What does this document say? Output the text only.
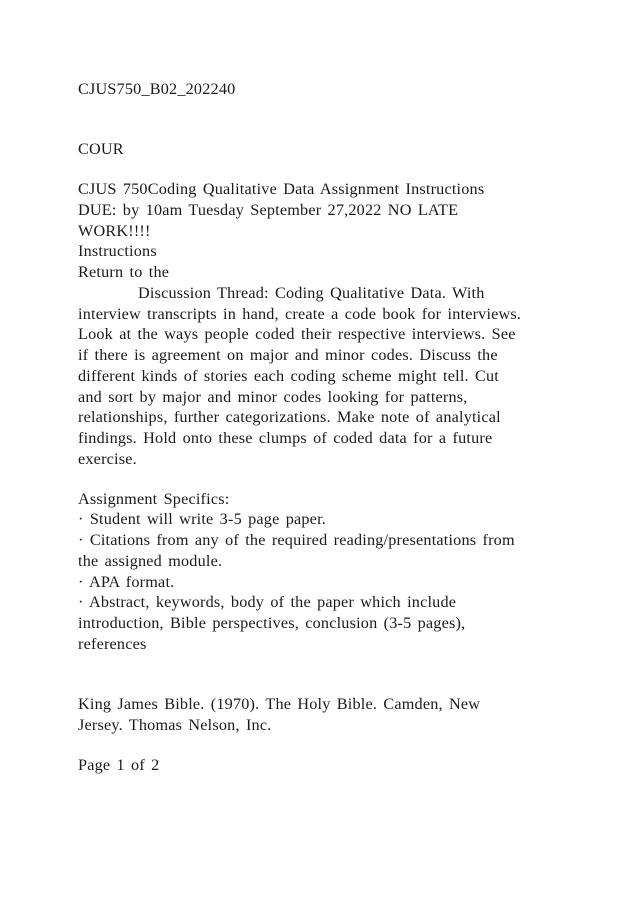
CJUS750_B02_202240
COUR
CJUS 750Coding Qualitative Data Assignment Instructions
DUE: by 10am Tuesday September 27,2022 NO LATE
WORK!!!!
Instructions
Return to the
Discussion Thread: Coding Qualitative Data. With
interview transcripts in hand, create a code book for interviews.
Look at the ways people coded their respective interviews. See
if there is agreement on major and minor codes. Discuss the
different kinds of stories each coding scheme might tell. Cut
and sort by major and minor codes looking for patterns,
relationships, further categorizations. Make note of analytical
findings. Hold onto these clumps of coded data for a future
exercise.
Assignment Specifics:
· Student will write 3-5 page paper.
· Citations from any of the required reading/presentations from
the assigned module.
· APA format.
· Abstract, keywords, body of the paper which include
introduction, Bible perspectives, conclusion (3-5 pages),
references
King James Bible. (1970). The Holy Bible. Camden, New
Jersey. Thomas Nelson, Inc.
Page 1 of 2
